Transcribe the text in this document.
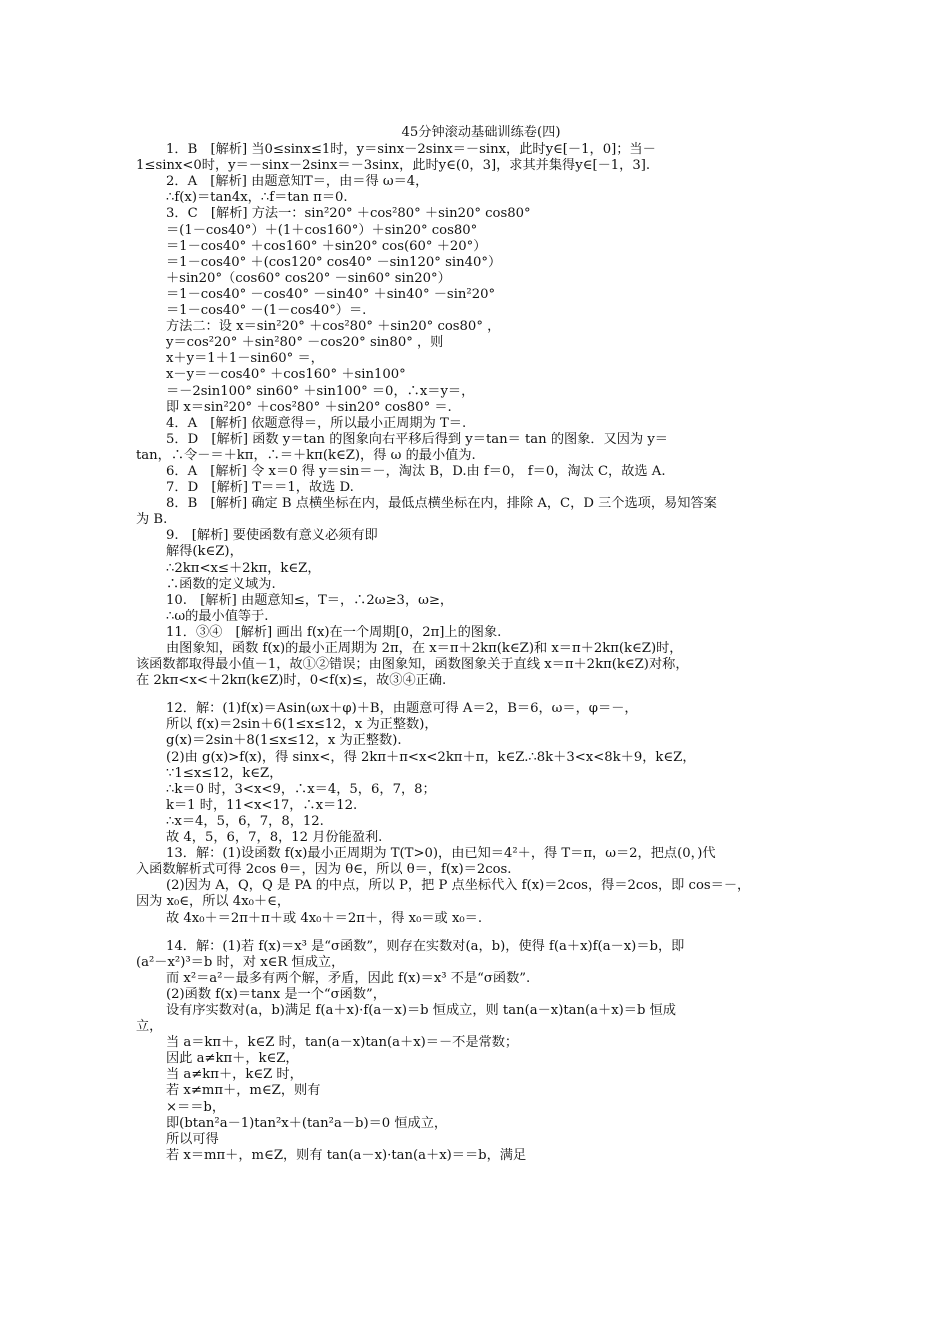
45分钟滚动基础训练卷(四)
1．B　[解析] 当0≤sinx≤1时，y＝sinx－2sinx＝－sinx，此时y∈[－1，0]；当－
1≤sinx<0时，y＝－sinx－2sinx＝－3sinx，此时y∈(0，3]，求其并集得y∈[－1，3].
2．A　[解析] 由题意知T＝，由＝得 ω＝4，
∴f(x)＝tan4x，∴f＝tan π＝0.
3．C　[解析] 方法一：sin²20° ＋cos²80° ＋sin20° cos80°
＝(1－cos40°）＋(1＋cos160°）＋sin20° cos80°
＝1－cos40° ＋cos160° ＋sin20° cos(60° ＋20°）
＝1－cos40° ＋(cos120° cos40° －sin120° sin40°）
＋sin20°（cos60° cos20° －sin60° sin20°）
＝1－cos40° －cos40° －sin40° ＋sin40° －sin²20°
＝1－cos40° －(1－cos40°）＝.
方法二：设 x＝sin²20° ＋cos²80° ＋sin20° cos80° ，
y＝cos²20° ＋sin²80° －cos20° sin80° ，则
x＋y＝1＋1－sin60° ＝，
x－y＝－cos40° ＋cos160° ＋sin100°
＝－2sin100° sin60° ＋sin100° ＝0，∴x＝y＝，
即 x＝sin²20° ＋cos²80° ＋sin20° cos80° ＝.
4．A　[解析] 依题意得＝，所以最小正周期为 T＝.
5．D　[解析] 函数 y＝tan 的图象向右平移后得到 y＝tan＝ tan 的图象．又因为 y＝
tan，∴令－＝＋kπ，∴＝＋kπ(k∈Z)，得 ω 的最小值为.
6．A　[解析] 令 x＝0 得 y＝sin＝－，淘汰 B，D.由 f＝0， f＝0，淘汰 C，故选 A.
7．D　[解析] T＝＝1，故选 D.
8．B　[解析] 确定 B 点横坐标在内，最低点横坐标在内，排除 A，C，D 三个选项，易知答案
为 B.
9.　[解析] 要使函数有意义必须有即
解得(k∈Z)，
∴2kπ<x≤＋2kπ，k∈Z，
∴函数的定义域为.
10.　[解析] 由题意知≤，T＝，∴2ω≥3，ω≥，
∴ω的最小值等于.
11．③④　[解析] 画出 f(x)在一个周期[0，2π]上的图象.
由图象知，函数 f(x)的最小正周期为 2π，在 x＝π＋2kπ(k∈Z)和 x＝π＋2kπ(k∈Z)时，
该函数都取得最小值－1，故①②错误；由图象知，函数图象关于直线 x＝π＋2kπ(k∈Z)对称，
在 2kπ<x<＋2kπ(k∈Z)时，0<f(x)≤，故③④正确.
12．解：(1)f(x)＝Asin(ωx＋φ)＋B，由题意可得 A＝2，B＝6，ω＝，φ＝－，
所以 f(x)＝2sin＋6(1≤x≤12，x 为正整数)，
g(x)＝2sin＋8(1≤x≤12，x 为正整数).
(2)由 g(x)>f(x)，得 sinx<，得 2kπ＋π<x<2kπ＋π，k∈Z.∴8k＋3<x<8k＋9，k∈Z，
∵1≤x≤12，k∈Z，
∴k＝0 时，3<x<9，∴x＝4，5，6，7，8；
k＝1 时，11<x<17，∴x＝12.
∴x＝4，5，6，7，8，12.
故 4，5，6，7，8，12 月份能盈利.
13．解：(1)设函数 f(x)最小正周期为 T(T>0)，由已知＝4²＋，得 T＝π，ω＝2，把点(0，)代
入函数解析式可得 2cos θ＝，因为 θ∈，所以 θ＝，f(x)＝2cos.
(2)因为 A，Q，Q 是 PA 的中点，所以 P，把 P 点坐标代入 f(x)＝2cos，得＝2cos，即 cos＝－，
因为 x₀∈，所以 4x₀＋∈，
故 4x₀＋＝2π＋π＋或 4x₀＋＝2π＋，得 x₀＝或 x₀＝.
14．解：(1)若 f(x)＝x³ 是“σ函数”，则存在实数对(a，b)，使得 f(a＋x)f(a－x)＝b，即
(a²－x²)³＝b 时，对 x∈R 恒成立，
而 x²＝a²－最多有两个解，矛盾，因此 f(x)＝x³ 不是“σ函数”.
(2)函数 f(x)＝tanx 是一个“σ函数”，
设有序实数对(a，b)满足 f(a＋x)·f(a－x)＝b 恒成立，则 tan(a－x)tan(a＋x)＝b 恒成
立，
当 a＝kπ＋，k∈Z 时，tan(a－x)tan(a＋x)＝－不是常数；
因此 a≠kπ＋，k∈Z，
当 a≠kπ＋，k∈Z 时，
若 x≠mπ＋，m∈Z，则有
×＝＝b，
即(btan²a－1)tan²x＋(tan²a－b)＝0 恒成立，
所以可得
若 x＝mπ＋，m∈Z，则有 tan(a－x)·tan(a＋x)＝＝b，满足
